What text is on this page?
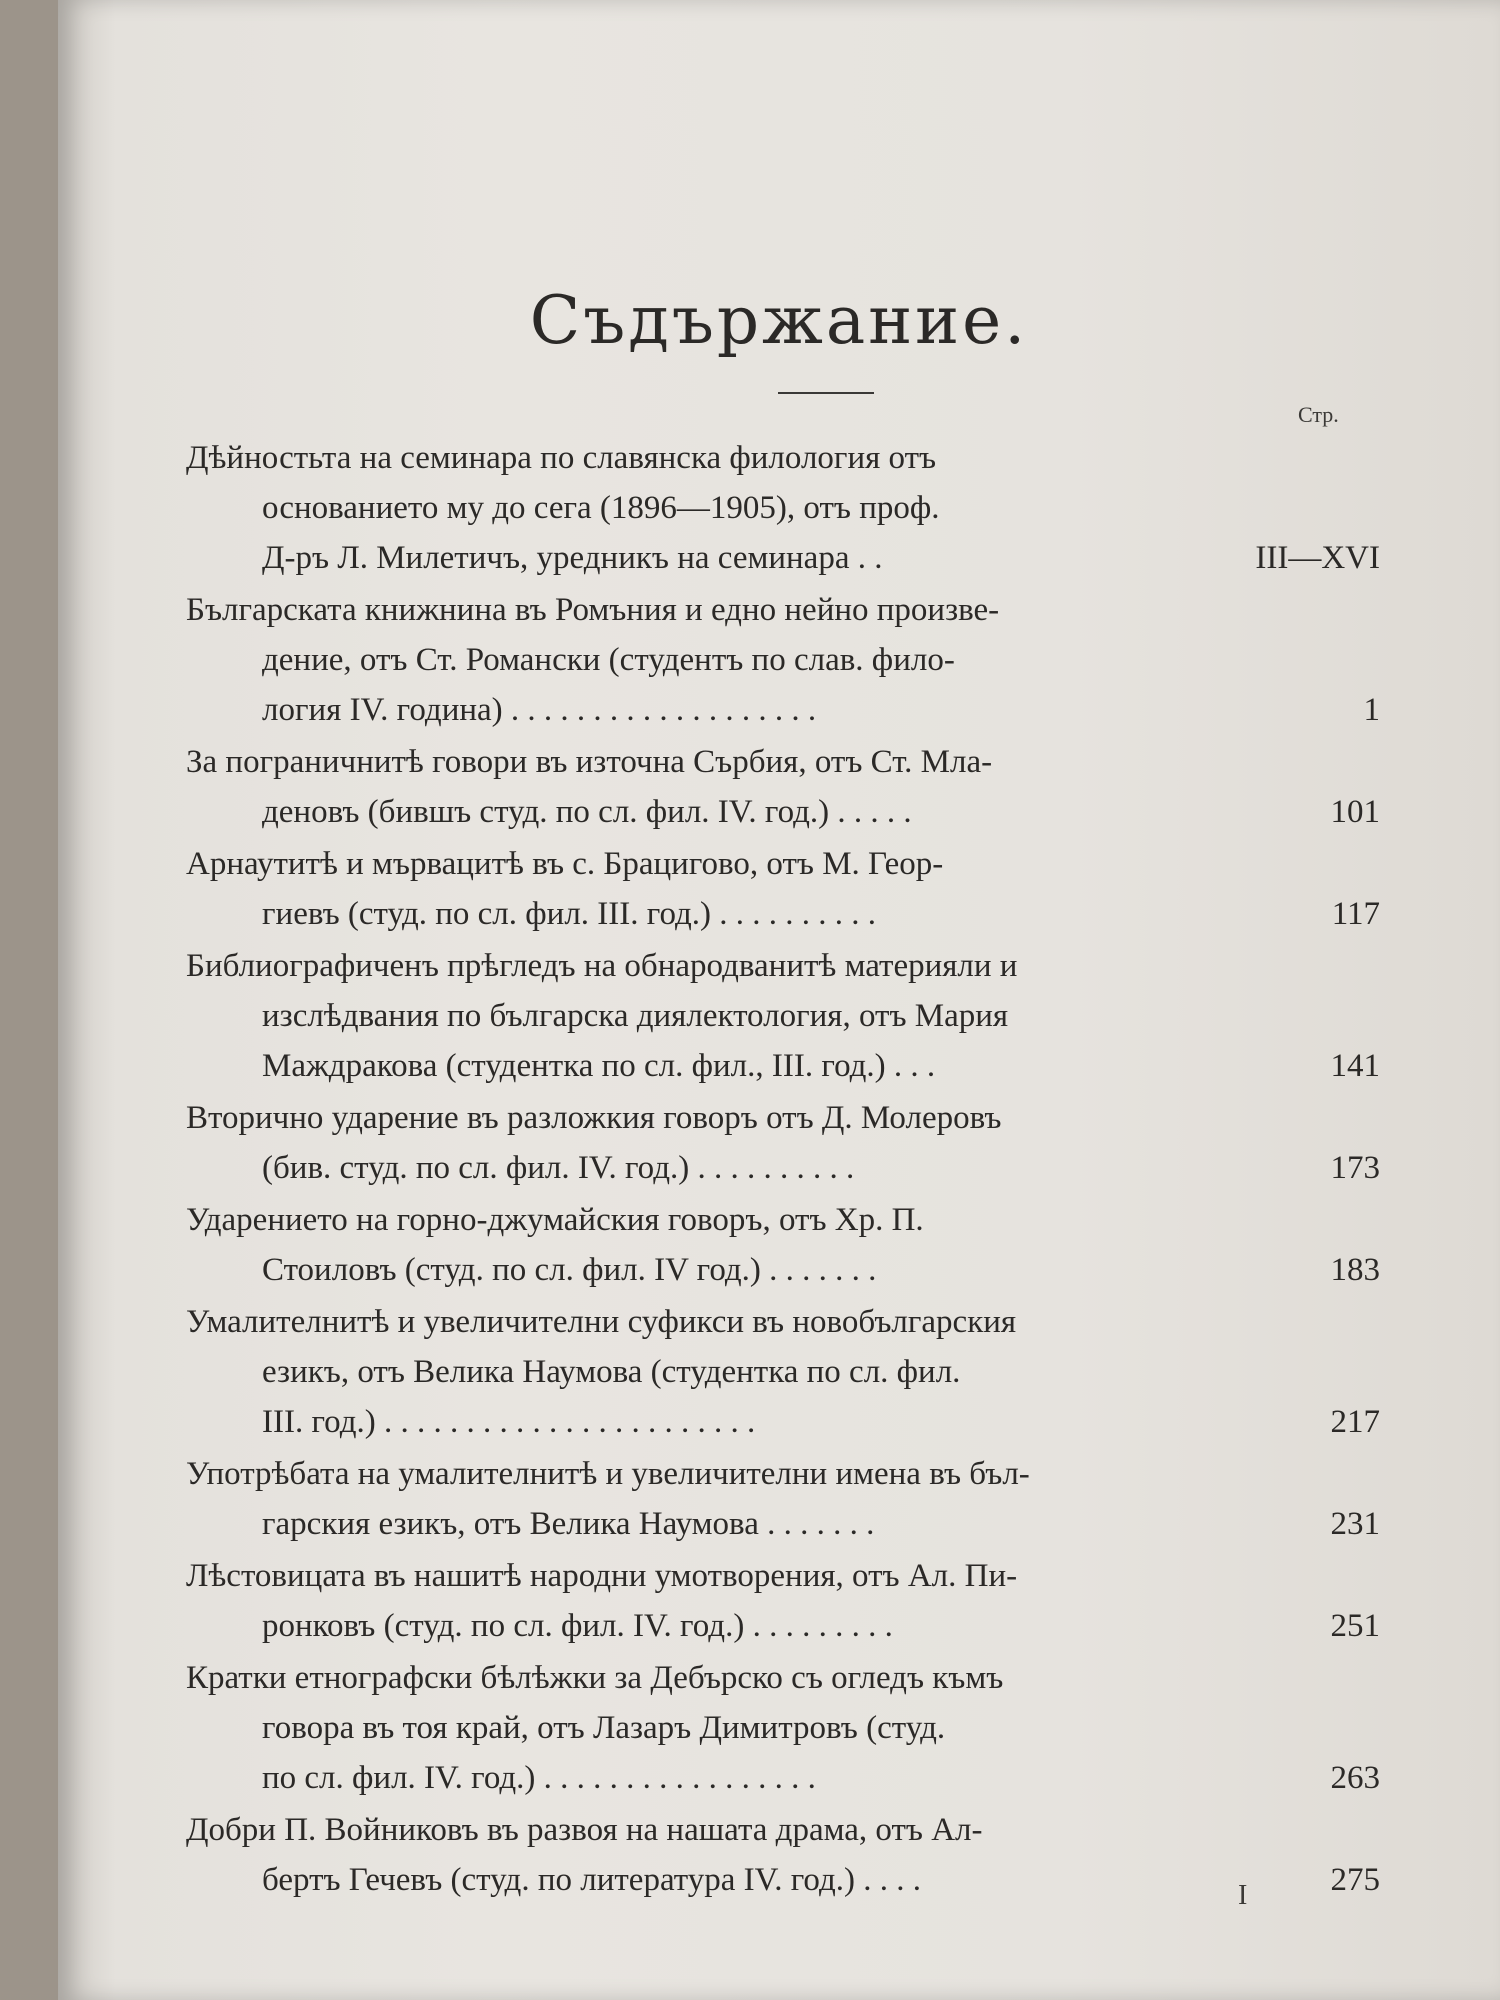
Съдържание.
Стр.
Дѣйностьта на семинара по славянска филология отъ
основанието му до сега (1896—1905), отъ проф.
Д-ръ Л. Милетичъ, уредникъ на семинара . .	III—XVI
Българската книжнина въ Ромъния и едно нейно произве-
дение, отъ Ст. Романски (студентъ по слав. фило-
логия IV. година) . . . . . . . . . . . . . . . . . . .	1
За пограничнитѣ говори въ източна Сърбия, отъ Ст. Мла-
деновъ (бившъ студ. по сл. фил. IV. год.) . . . . .	101
Арнаутитѣ и мървацитѣ въ с. Брацигово, отъ М. Геор-
гиевъ (студ. по сл. фил. III. год.) . . . . . . . . . .	117
Библиографиченъ прѣгледъ на обнародванитѣ материяли и
изслѣдвания по българска диялектология, отъ Мария
Маждракова (студентка по сл. фил., III. год.) . . .	141
Вторично ударение въ разложкия говоръ отъ Д. Молеровъ
(бив. студ. по сл. фил. IV. год.) . . . . . . . . . .	173
Ударението на горно-джумайския говоръ, отъ Хр. П.
Стоиловъ (студ. по сл. фил. IV год.) . . . . . . .	183
Умалителнитѣ и увеличителни суфикси въ новобългарския
езикъ, отъ Велика Наумова (студентка по сл. фил.
III. год.) . . . . . . . . . . . . . . . . . . . . . . .	217
Употрѣбата на умалителнитѣ и увеличителни имена въ бъл-
гарския езикъ, отъ Велика Наумова . . . . . . .	231
Лѣстовицата въ нашитѣ народни умотворения, отъ Ал. Пи-
ронковъ (студ. по сл. фил. IV. год.) . . . . . . . . .	251
Кратки етнографски бѣлѣжки за Дебърско съ огледъ къмъ
говора въ тоя край, отъ Лазаръ Димитровъ (студ.
по сл. фил. IV. год.) . . . . . . . . . . . . . . . . .	263
Добри П. Войниковъ въ развоя на нашата драма, отъ Ал-
бертъ Гечевъ (студ. по литература IV. год.) . . . .	275
I
